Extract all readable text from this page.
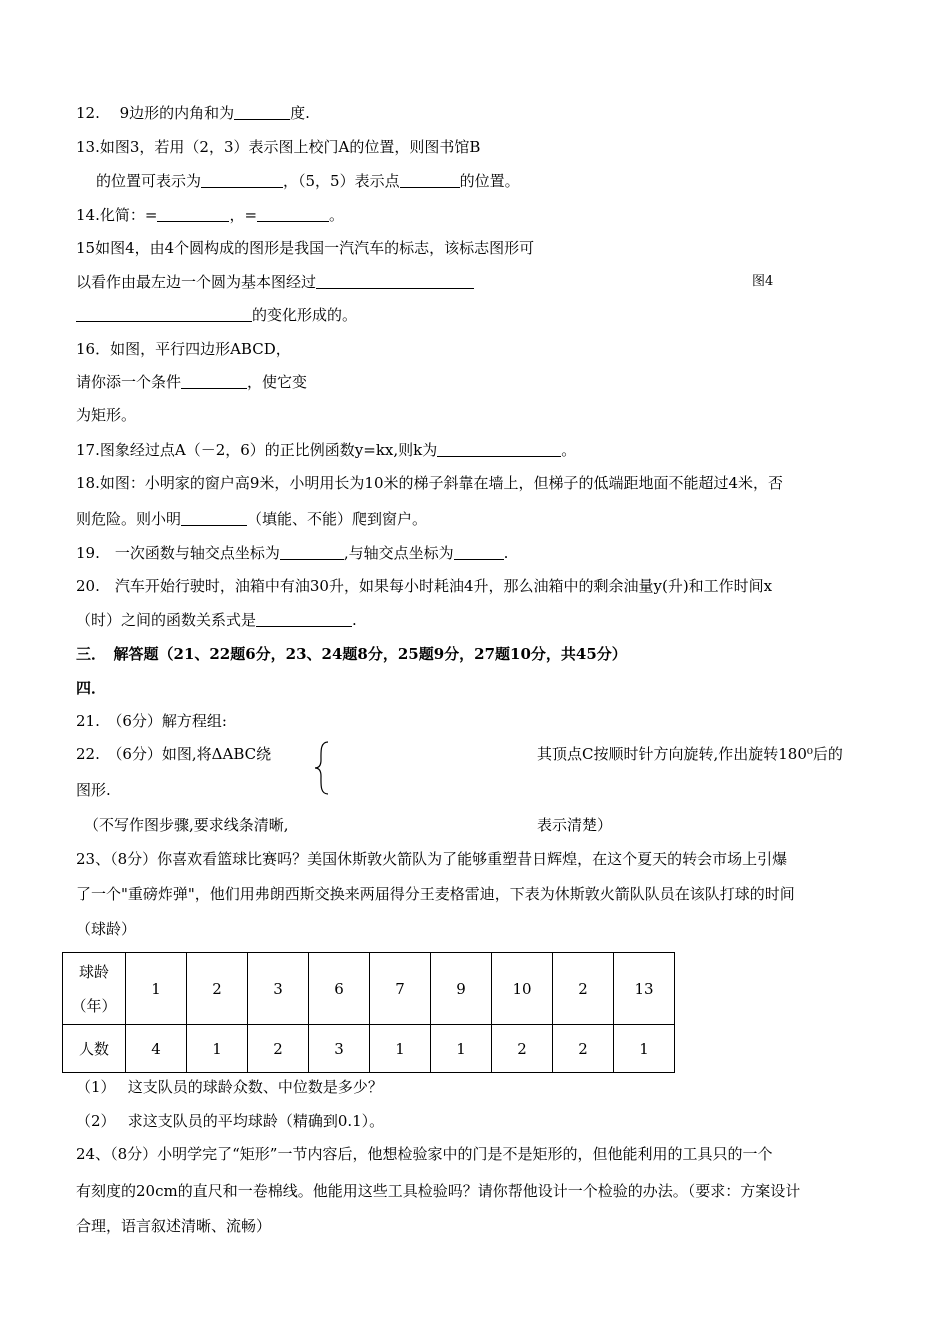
12.　 9边形的内角和为	度.
13.如图3，若用（2，3）表示图上校门A的位置，则图书馆B
的位置可表示为	，（5，5）表示点	的位置。
14.化简：=	，=	。
15如图4，由4个圆构成的图形是我国一汽汽车的标志，该标志图形可
以看作由最左边一个圆为基本图经过	图4
的变化形成的。
16．如图，平行四边形ABCD，
请你添一个条件	，使它变
为矩形。
17.图象经过点A（－2，6）的正比例函数y=kx,则k为	。
18.如图：小明家的窗户高9米，小明用长为10米的梯子斜靠在墙上，但梯子的低端距地面不能超过4米，否
则危险。则小明	（填能、不能）爬到窗户。
19.　一次函数与轴交点坐标为	,与轴交点坐标为	.
20.　汽车开始行驶时，油箱中有油30升，如果每小时耗油4升，那么油箱中的剩余油量y(升)和工作时间x
（时）之间的函数关系式是	.
三．　解答题（21、22题6分，23、24题8分，25题9分，27题10分，共45分）
四．
21.　（6分）解方程组:
22.　（6分）如图,将ΔABC绕	其顶点C按顺时针方向旋转,作出旋转180⁰后的
图形.
（不写作图步骤,要求线条清晰,	表示清楚）
23、（8分）你喜欢看篮球比赛吗？美国休斯敦火箭队为了能够重塑昔日辉煌，在这个夏天的转会市场上引爆
了一个"重磅炸弹"，他们用弗朗西斯交换来两届得分王麦格雷迪，下表为休斯敦火箭队队员在该队打球的时间
（球龄）
球龄
（年）	1	2	3	6	7	9	10	2	13
人数	4	1	2	3	1	1	2	2	1
（1）　 这支队员的球龄众数、中位数是多少？
（2）　 求这支队员的平均球龄（精确到0.1）。
24、（8分）小明学完了“矩形”一节内容后，他想检验家中的门是不是矩形的，但他能利用的工具只的一个
有刻度的20cm的直尺和一卷棉线。他能用这些工具检验吗？请你帮他设计一个检验的办法。（要求：方案设计
合理，语言叙述清晰、流畅）
